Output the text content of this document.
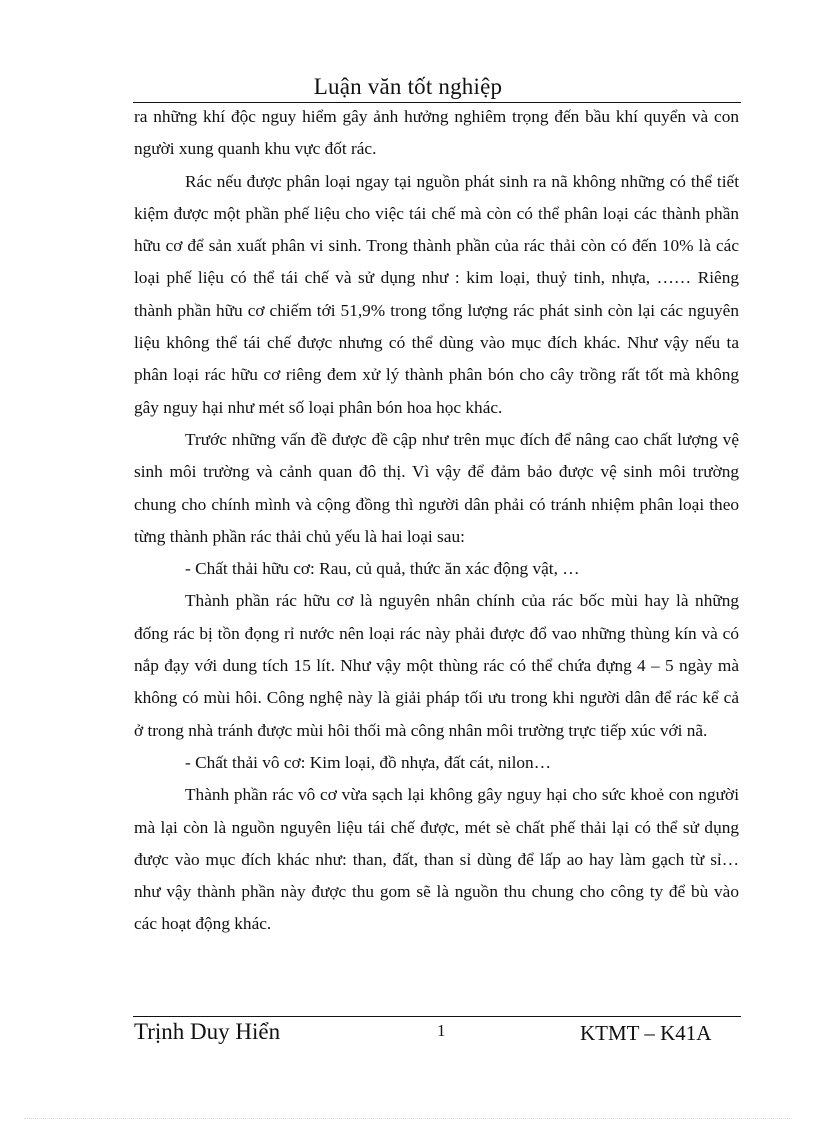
Luận văn tốt nghiệp

ra những khí độc nguy hiểm gây ảnh hưởng nghiêm trọng đến bầu khí quyển và con người xung quanh khu vực đốt rác.

Rác nếu được phân loại ngay tại nguồn phát sinh ra nã không những có thể tiết kiệm được một phần phế liệu cho việc tái chế mà còn có thể phân loại các thành phần hữu cơ để sản xuất phân vi sinh. Trong thành phần của rác thải còn có đến 10% là các loại phế liệu có thể tái chế và sử dụng như : kim loại, thuỷ tinh, nhựa, …… Riêng thành phần hữu cơ chiếm tới 51,9% trong tổng lượng rác phát sinh còn lại các nguyên liệu không thể tái chế được nhưng có thể dùng vào mục đích khác. Như vậy nếu ta phân loại rác hữu cơ riêng đem xử lý thành phân bón cho cây trồng rất tốt mà không gây nguy hại như mét số loại phân bón hoa học khác.

Trước những vấn đề được đề cập như trên mục đích để nâng cao chất lượng vệ sinh môi trường và cảnh quan đô thị. Vì vậy để đảm bảo được vệ sinh môi trường chung cho chính mình và cộng đồng thì người dân phải có tránh nhiệm phân loại theo từng thành phần rác thải chủ yếu là hai loại sau:

- Chất thải hữu cơ: Rau, củ quả, thức ăn xác động vật, …

Thành phần rác hữu cơ là nguyên nhân chính của rác bốc mùi hay là những đống rác bị tồn đọng rỉ nước nên loại rác này phải được đổ vao những thùng kín và có nắp đạy với dung tích 15 lít. Như vậy một thùng rác có thể chứa đựng 4 – 5 ngày mà không có mùi hôi. Công nghệ này là giải pháp tối ưu trong khi người dân để rác kể cả ở trong nhà tránh được mùi hôi thối mà công nhân môi trường trực tiếp xúc với nã.

- Chất thải vô cơ: Kim loại, đồ nhựa, đất cát, nilon…

Thành phần rác vô cơ vừa sạch lại không gây nguy hại cho sức khoẻ con người mà lại còn là nguồn nguyên liệu tái chế được, mét sè chất phế thải lại có thể sử dụng được vào mục đích khác như: than, đất, than sỉ dùng để lấp ao hay làm gạch từ sỉ… như vậy thành phần này được thu gom sẽ là nguồn thu chung cho công ty để bù vào các hoạt động khác.

Trịnh Duy Hiển	1	KTMT – K41A
